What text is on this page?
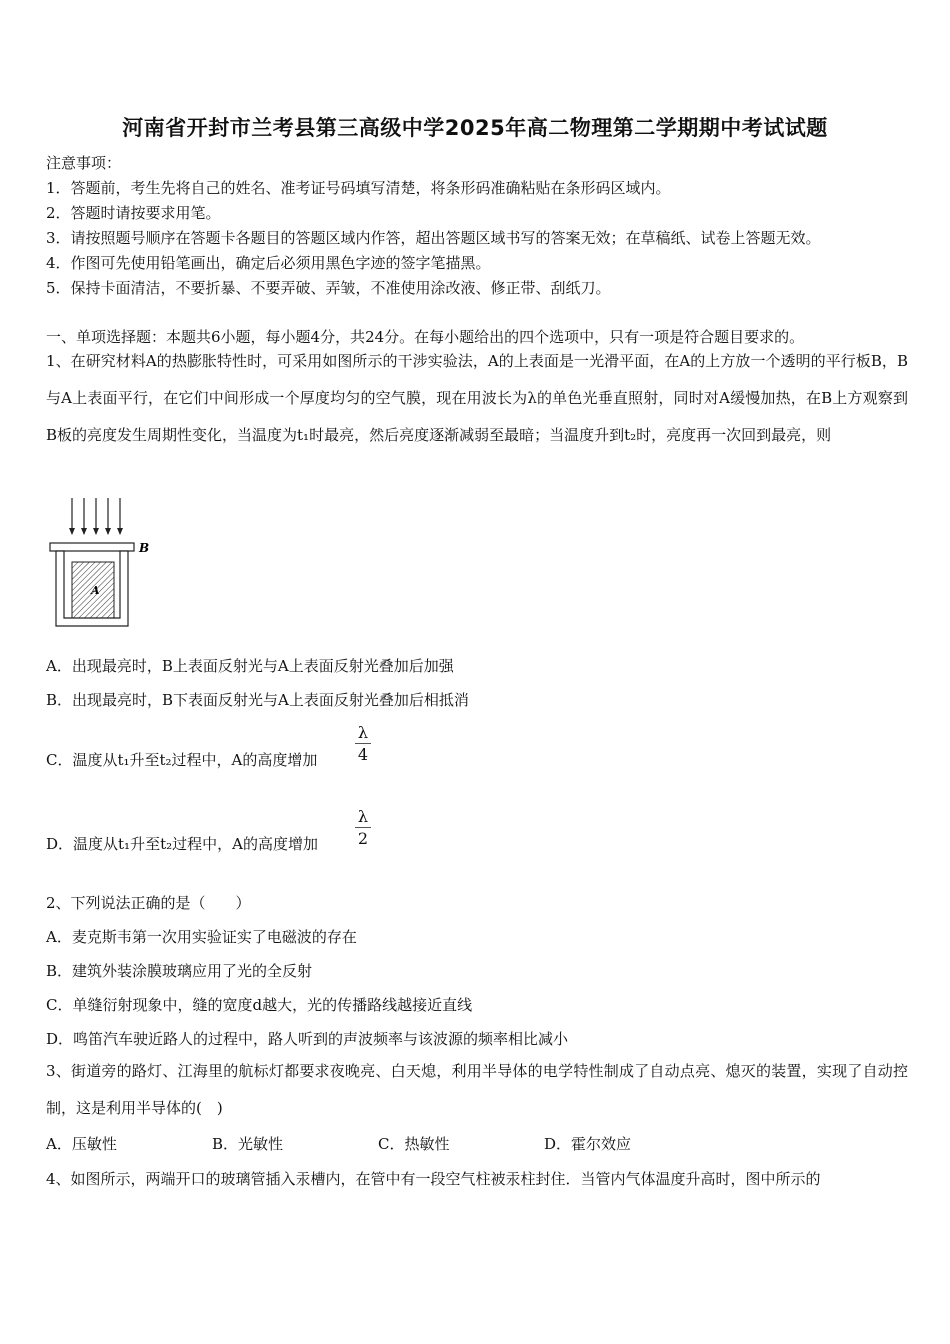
河南省开封市兰考县第三高级中学2025年高二物理第二学期期中考试试题
注意事项：
1．答题前，考生先将自己的姓名、准考证号码填写清楚，将条形码准确粘贴在条形码区域内。
2．答题时请按要求用笔。
3．请按照题号顺序在答题卡各题目的答题区域内作答，超出答题区域书写的答案无效；在草稿纸、试卷上答题无效。
4．作图可先使用铅笔画出，确定后必须用黑色字迹的签字笔描黑。
5．保持卡面清洁，不要折暴、不要弄破、弄皱，不准使用涂改液、修正带、刮纸刀。
一、单项选择题：本题共6小题，每小题4分，共24分。在每小题给出的四个选项中，只有一项是符合题目要求的。
1、在研究材料A的热膨胀特性时，可采用如图所示的干涉实验法，A的上表面是一光滑平面，在A的上方放一个透明的平行板B，B与A上表面平行，在它们中间形成一个厚度均匀的空气膜，现在用波长为λ的单色光垂直照射，同时对A缓慢加热，在B上方观察到B板的亮度发生周期性变化，当温度为t₁时最亮，然后亮度逐渐减弱至最暗；当温度升到t₂时，亮度再一次回到最亮，则
B
A
A．出现最亮时，B上表面反射光与A上表面反射光叠加后加强
B．出现最亮时，B下表面反射光与A上表面反射光叠加后相抵消
C．温度从t₁升至t₂过程中，A的高度增加
λ
4
D．温度从t₁升至t₂过程中，A的高度增加
λ
2
2、下列说法正确的是（　　）
A．麦克斯韦第一次用实验证实了电磁波的存在
B．建筑外装涂膜玻璃应用了光的全反射
C．单缝衍射现象中，缝的宽度d越大，光的传播路线越接近直线
D．鸣笛汽车驶近路人的过程中，路人听到的声波频率与该波源的频率相比减小
3、街道旁的路灯、江海里的航标灯都要求夜晚亮、白天熄，利用半导体的电学特性制成了自动点亮、熄灭的装置，实现了自动控制，这是利用半导体的(　)
A．压敏性	B．光敏性	C．热敏性	D．霍尔效应
4、如图所示，两端开口的玻璃管插入汞槽内，在管中有一段空气柱被汞柱封住．当管内气体温度升高时，图中所示的
